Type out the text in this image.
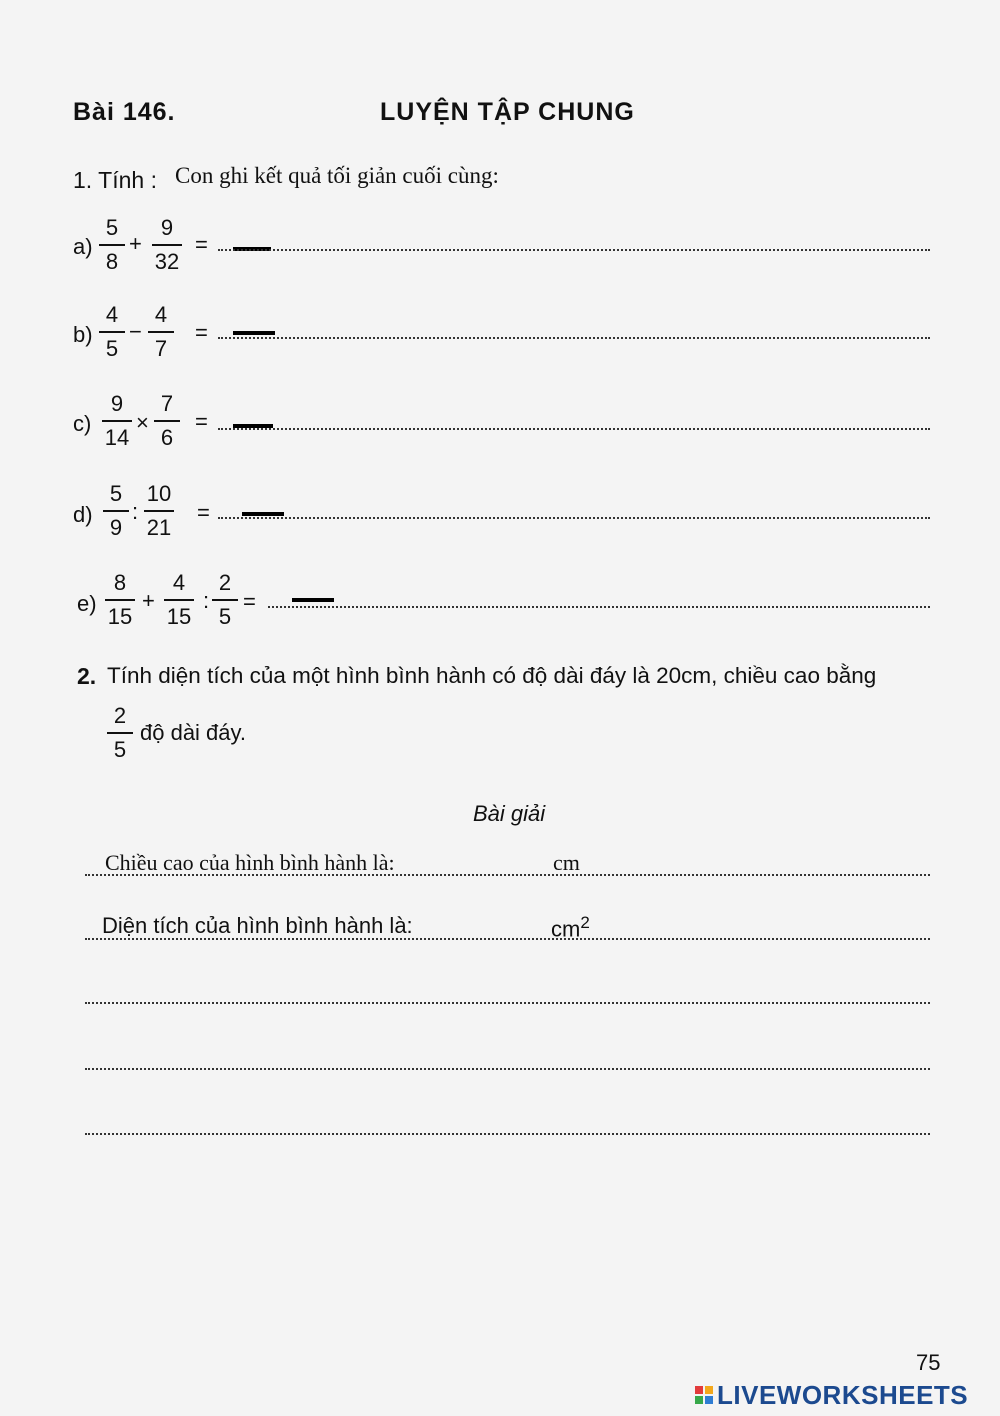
Bài 146.	LUYỆN TẬP CHUNG
1. Tính : Con ghi kết quả tối giản cuối cùng:
a)
5
8
+
9
32
=
b)
4
5
−
4
7
=
c)
9
14
×
7
6
=
d)
5
9
:
10
21
=
e)
8
15
+
4
15
:
2
5
=
2. Tính diện tích của một hình bình hành có độ dài đáy là 20cm, chiều cao bằng
2
5
độ dài đáy.
Bài giải
Chiều cao của hình bình hành là:	cm
Diện tích của hình bình hành là:	$cm^2$
75
LIVEWORKSHEETS
